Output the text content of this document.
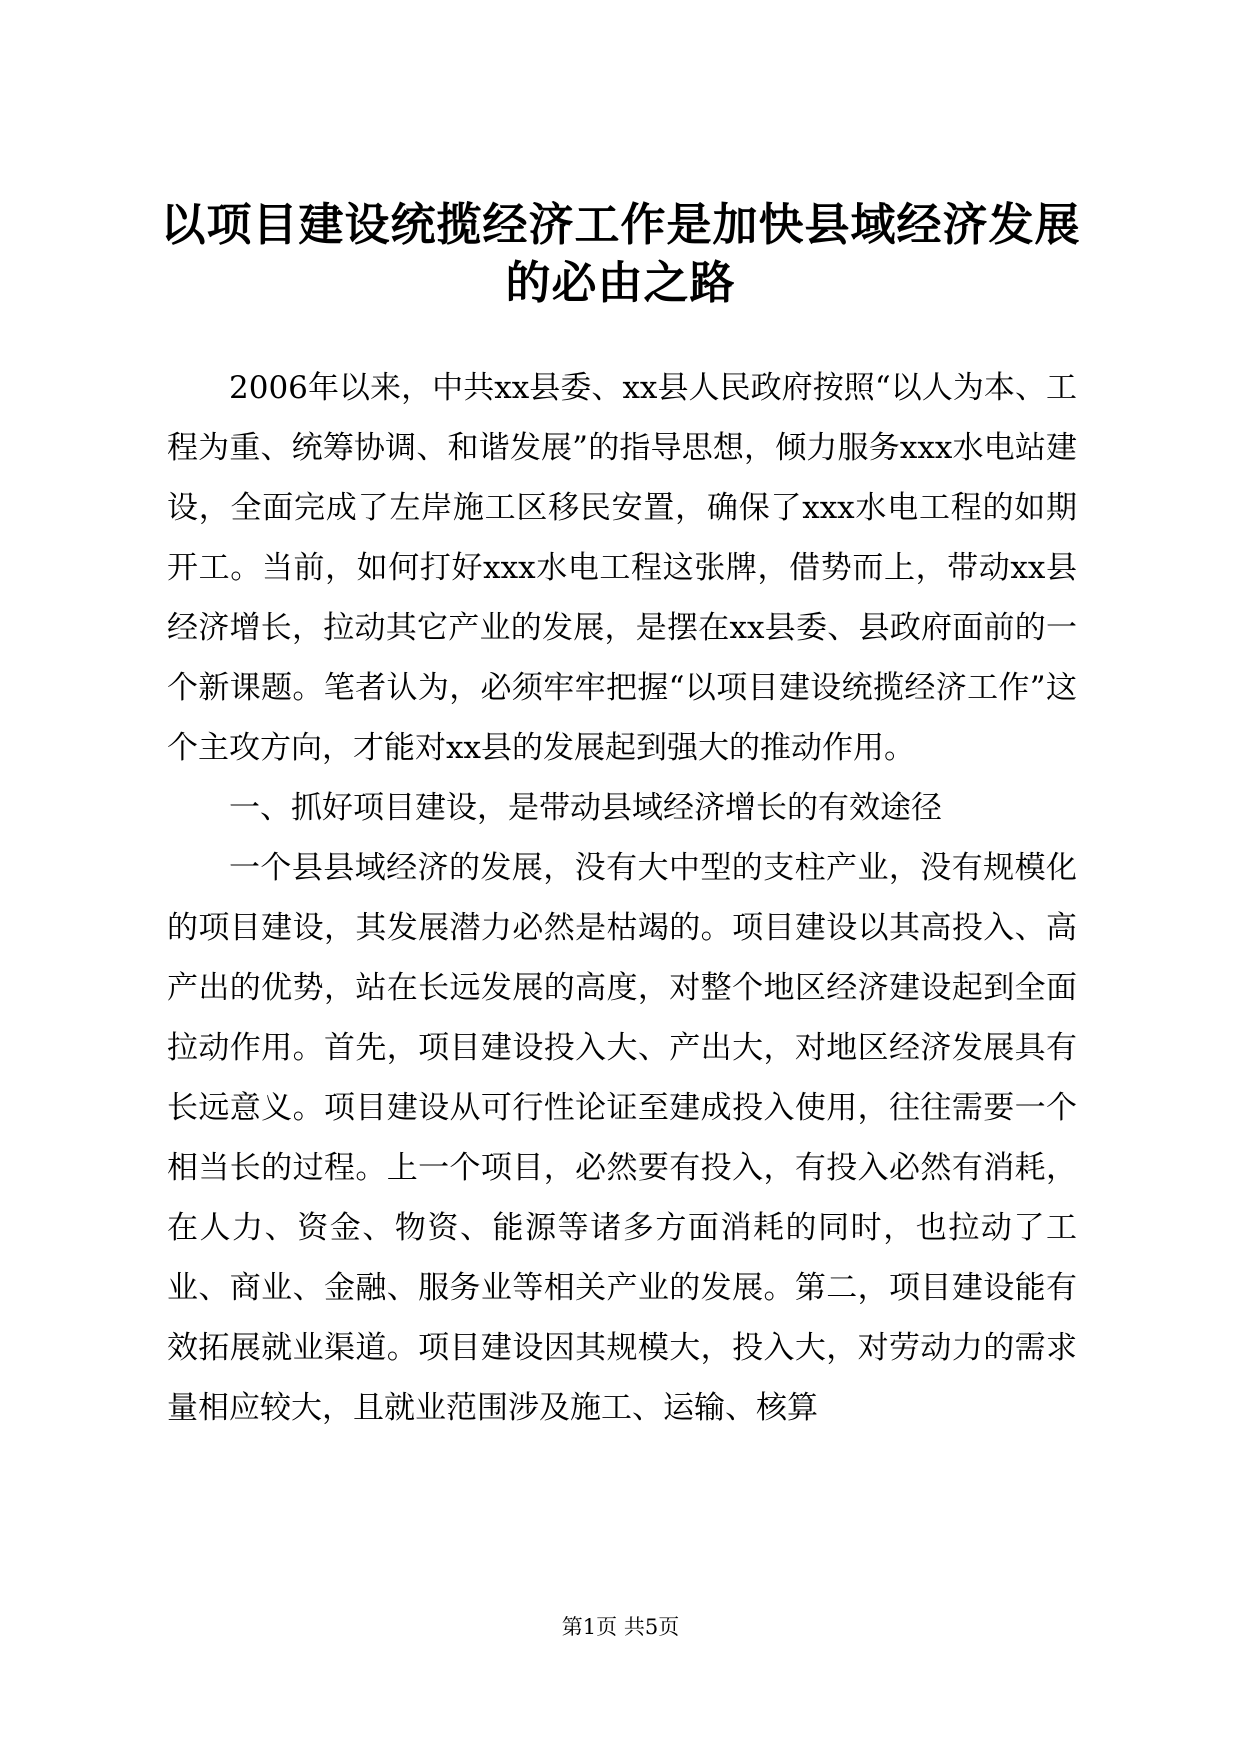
以项目建设统揽经济工作是加快县域经济发展
的必由之路

2006年以来，中共xx县委、xx县人民政府按照“以人为本、工程为重、统筹协调、和谐发展”的指导思想，倾力服务xxx水电站建设，全面完成了左岸施工区移民安置，确保了xxx水电工程的如期开工。当前，如何打好xxx水电工程这张牌，借势而上，带动xx县经济增长，拉动其它产业的发展，是摆在xx县委、县政府面前的一个新课题。笔者认为，必须牢牢把握“以项目建设统揽经济工作”这个主攻方向，才能对xx县的发展起到强大的推动作用。

一、抓好项目建设，是带动县域经济增长的有效途径

一个县县域经济的发展，没有大中型的支柱产业，没有规模化的项目建设，其发展潜力必然是枯竭的。项目建设以其高投入、高产出的优势，站在长远发展的高度，对整个地区经济建设起到全面拉动作用。首先，项目建设投入大、产出大，对地区经济发展具有长远意义。项目建设从可行性论证至建成投入使用，往往需要一个相当长的过程。上一个项目，必然要有投入，有投入必然有消耗，在人力、资金、物资、能源等诸多方面消耗的同时，也拉动了工业、商业、金融、服务业等相关产业的发展。第二，项目建设能有效拓展就业渠道。项目建设因其规模大，投入大，对劳动力的需求量相应较大，且就业范围涉及施工、运输、核算

第1页 共5页
